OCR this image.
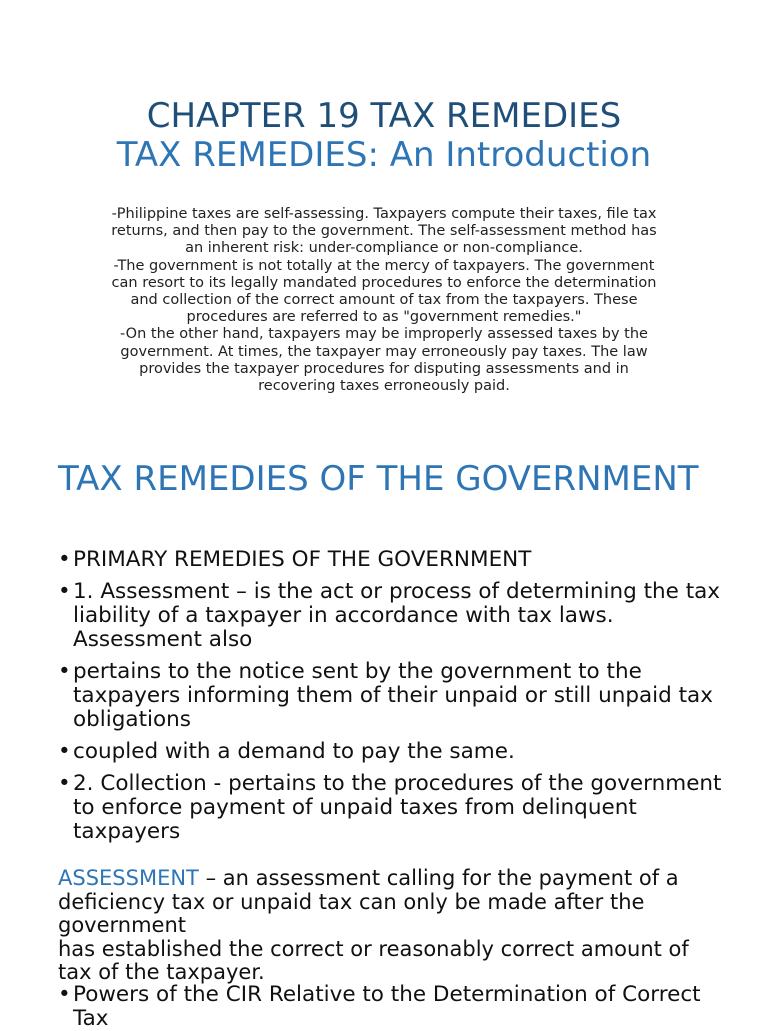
CHAPTER 19 TAX REMEDIES
TAX REMEDIES: An Introduction

-Philippine taxes are self-assessing. Taxpayers compute their taxes, file tax returns, and then pay to the government. The self-assessment method has an inherent risk: under-compliance or non-compliance.

-The government is not totally at the mercy of taxpayers. The government can resort to its legally mandated procedures to enforce the determination and collection of the correct amount of tax from the taxpayers. These procedures are referred to as "government remedies."

-On the other hand, taxpayers may be improperly assessed taxes by the government. At times, the taxpayer may erroneously pay taxes. The law provides the taxpayer procedures for disputing assessments and in recovering taxes erroneously paid.

TAX REMEDIES OF THE GOVERNMENT
• PRIMARY REMEDIES OF THE GOVERNMENT
• 1. Assessment – is the act or process of determining the tax liability of a taxpayer in accordance with tax laws. Assessment also
• pertains to the notice sent by the government to the taxpayers informing them of their unpaid or still unpaid tax obligations
• coupled with a demand to pay the same.
• 2. Collection - pertains to the procedures of the government to enforce payment of unpaid taxes from delinquent taxpayers
ASSESSMENT – an assessment calling for the payment of a deficiency tax or unpaid tax can only be made after the government
has established the correct or reasonably correct amount of tax of the taxpayer.
• Powers of the CIR Relative to the Determination of Correct Tax
